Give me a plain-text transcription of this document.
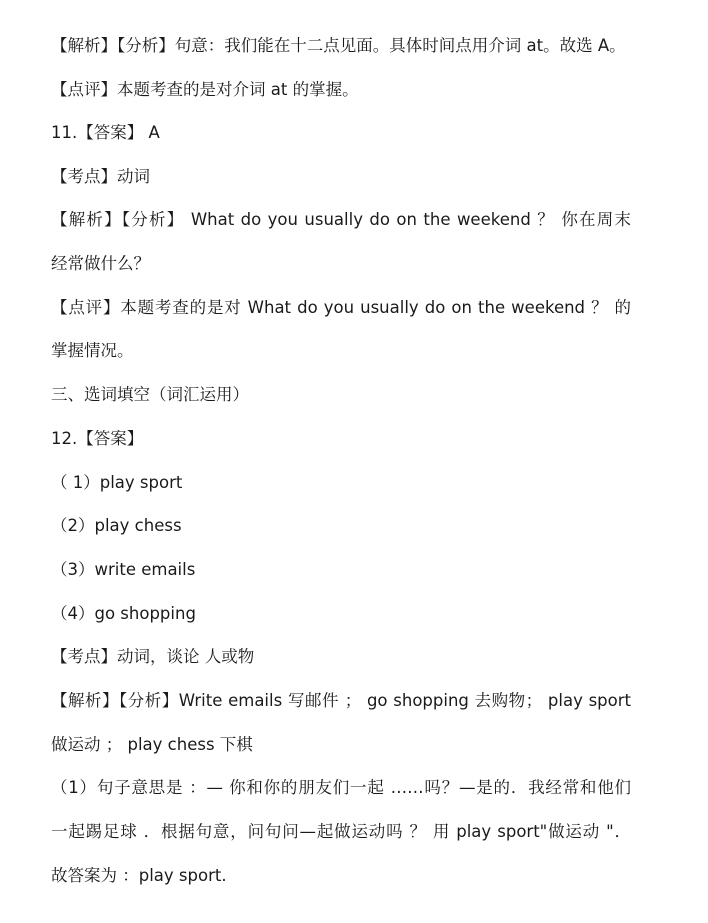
【解析】【分析】句意：我们能在十二点见面。具体时间点用介词 at。故选 A。
【点评】本题考查的是对介词 at 的掌握。
11.【答案】 A
【考点】动词
【解析】【分析】 What do you usually do on the weekend ？ 你在周末
经常做什么？
【点评】本题考查的是对 What do you usually do on the weekend ？ 的
掌握情况。
三、选词填空（词汇运用）
12.【答案】
（ 1）play sport
（2）play chess
（3）write emails
（4）go shopping
【考点】动词，谈论 人或物
【解析】【分析】Write emails 写邮件 ； go shopping 去购物； play sport
做运动 ； play chess 下棋
（1）句子意思是 ：— 你和你的朋友们一起 ……吗？—是的．我经常和他们
一起踢足球 ．根据句意，问句问—起做运动吗 ？ 用 play sport"做运动 "．
故答案为 ：play sport.
